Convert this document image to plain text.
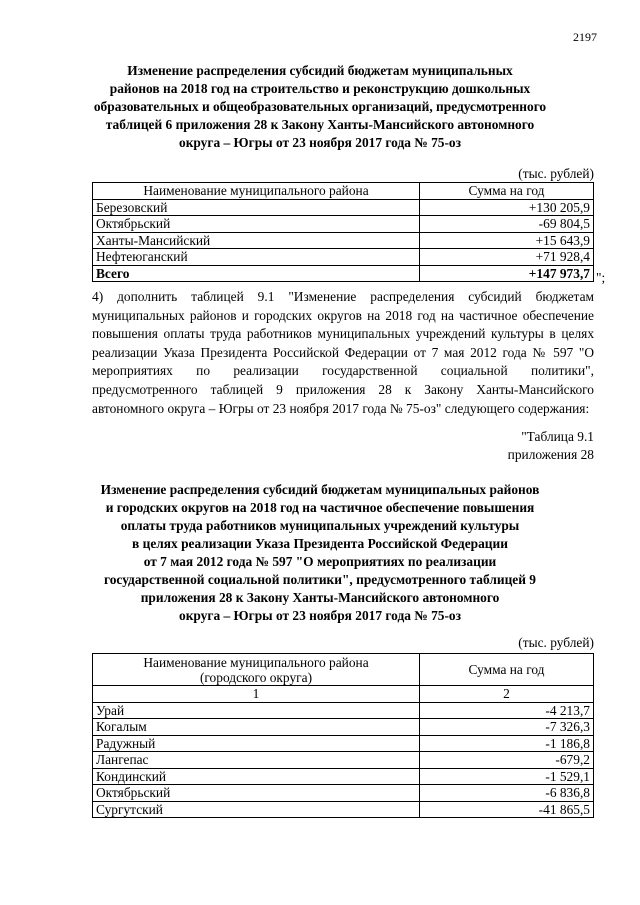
2197
Изменение распределения субсидий бюджетам муниципальных
районов на 2018 год на строительство и реконструкцию дошкольных
образовательных и общеобразовательных организаций, предусмотренного
таблицей 6 приложения 28 к Закону Ханты-Мансийского автономного
округа – Югры от 23 ноября 2017 года № 75-оз
(тыс. рублей)
Наименование муниципального района	Сумма на год
Березовский	+130 205,9
Октябрьский	-69 804,5
Ханты-Мансийский	+15 643,9
Нефтеюганский	+71 928,4
Всего	+147 973,7 ";
4) дополнить таблицей 9.1 "Изменение распределения субсидий бюджетам муниципальных районов и городских округов на 2018 год на частичное обеспечение повышения оплаты труда работников муниципальных учреждений культуры в целях реализации Указа Президента Российской Федерации от 7 мая 2012 года № 597 "О мероприятиях по реализации государственной социальной политики", предусмотренного таблицей 9 приложения 28 к Закону Ханты-Мансийского автономного округа – Югры от 23 ноября 2017 года № 75-оз" следующего содержания:
"Таблица 9.1
приложения 28
Изменение распределения субсидий бюджетам муниципальных районов
и городских округов на 2018 год на частичное обеспечение повышения
оплаты труда работников муниципальных учреждений культуры
в целях реализации Указа Президента Российской Федерации
от 7 мая 2012 года № 597 "О мероприятиях по реализации
государственной социальной политики", предусмотренного таблицей 9
приложения 28 к Закону Ханты-Мансийского автономного
округа – Югры от 23 ноября 2017 года № 75-оз
(тыс. рублей)
Наименование муниципального района
(городского округа)	Сумма на год
1	2
Урай	-4 213,7
Когалым	-7 326,3
Радужный	-1 186,8
Лангепас	-679,2
Кондинский	-1 529,1
Октябрьский	-6 836,8
Сургутский	-41 865,5
